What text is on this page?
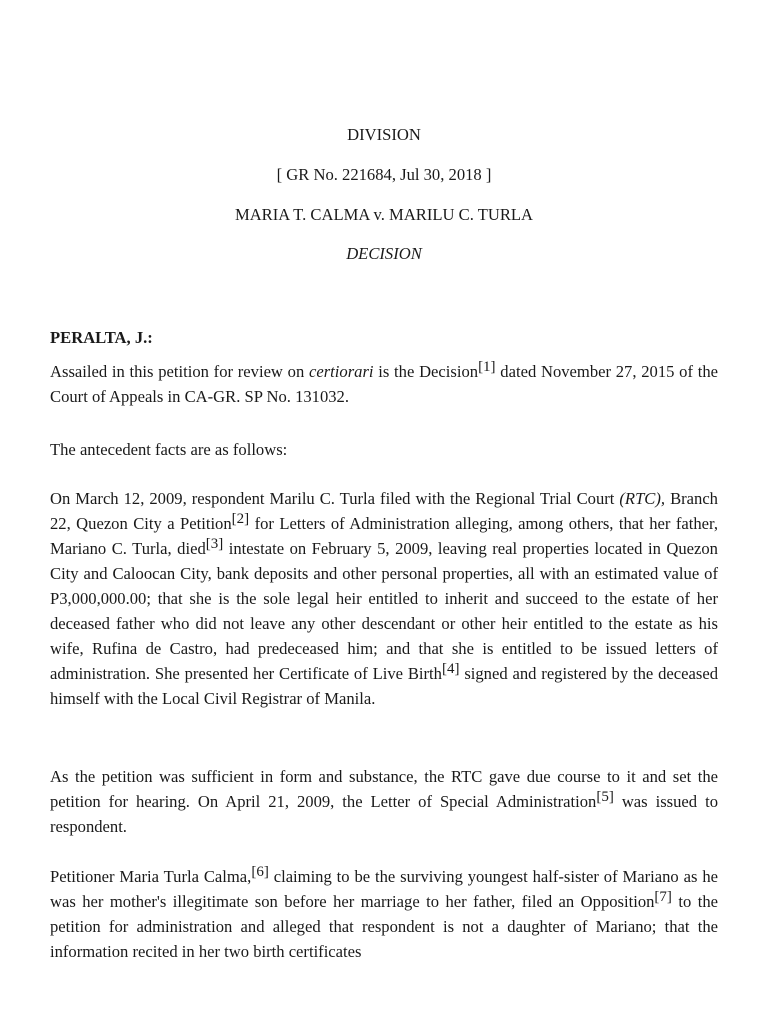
DIVISION
[ GR No. 221684, Jul 30, 2018 ]
MARIA T. CALMA v. MARILU C. TURLA
DECISION
PERALTA, J.:

Assailed in this petition for review on certiorari is the Decision[1] dated November 27, 2015 of the Court of Appeals in CA-GR. SP No. 131032.

The antecedent facts are as follows:

On March 12, 2009, respondent Marilu C. Turla filed with the Regional Trial Court (RTC), Branch 22, Quezon City a Petition[2] for Letters of Administration alleging, among others, that her father, Mariano C. Turla, died[3] intestate on February 5, 2009, leaving real properties located in Quezon City and Caloocan City, bank deposits and other personal properties, all with an estimated value of P3,000,000.00; that she is the sole legal heir entitled to inherit and succeed to the estate of her deceased father who did not leave any other descendant or other heir entitled to the estate as his wife, Rufina de Castro, had predeceased him; and that she is entitled to be issued letters of administration. She presented her Certificate of Live Birth[4] signed and registered by the deceased himself with the Local Civil Registrar of Manila.

As the petition was sufficient in form and substance, the RTC gave due course to it and set the petition for hearing. On April 21, 2009, the Letter of Special Administration[5] was issued to respondent.

Petitioner Maria Turla Calma,[6] claiming to be the surviving youngest half-sister of Mariano as he was her mother's illegitimate son before her marriage to her father, filed an Opposition[7] to the petition for administration and alleged that respondent is not a daughter of Mariano; that the information recited in her two birth certificates
